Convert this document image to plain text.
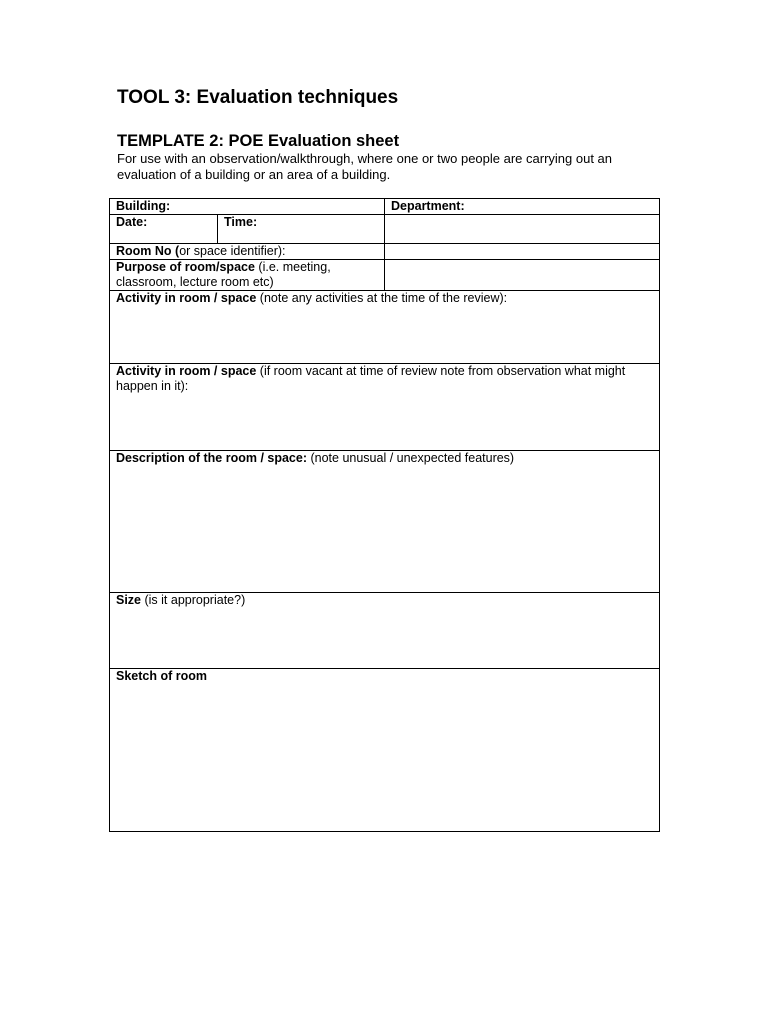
TOOL 3: Evaluation techniques
TEMPLATE 2: POE Evaluation sheet

For use with an observation/walkthrough, where one or two people are carrying out an evaluation of a building or an area of a building.

Building:		Department:
Date:	Time:	
Room No (or space identifier):		
Purpose of room/space (i.e. meeting, classroom, lecture room etc)		
Activity in room / space (note any activities at the time of the review):		
Activity in room / space (if room vacant at time of review note from observation what might happen in it):		
Description of the room / space: (note unusual / unexpected features)		
Size (is it appropriate?)		
Sketch of room		
